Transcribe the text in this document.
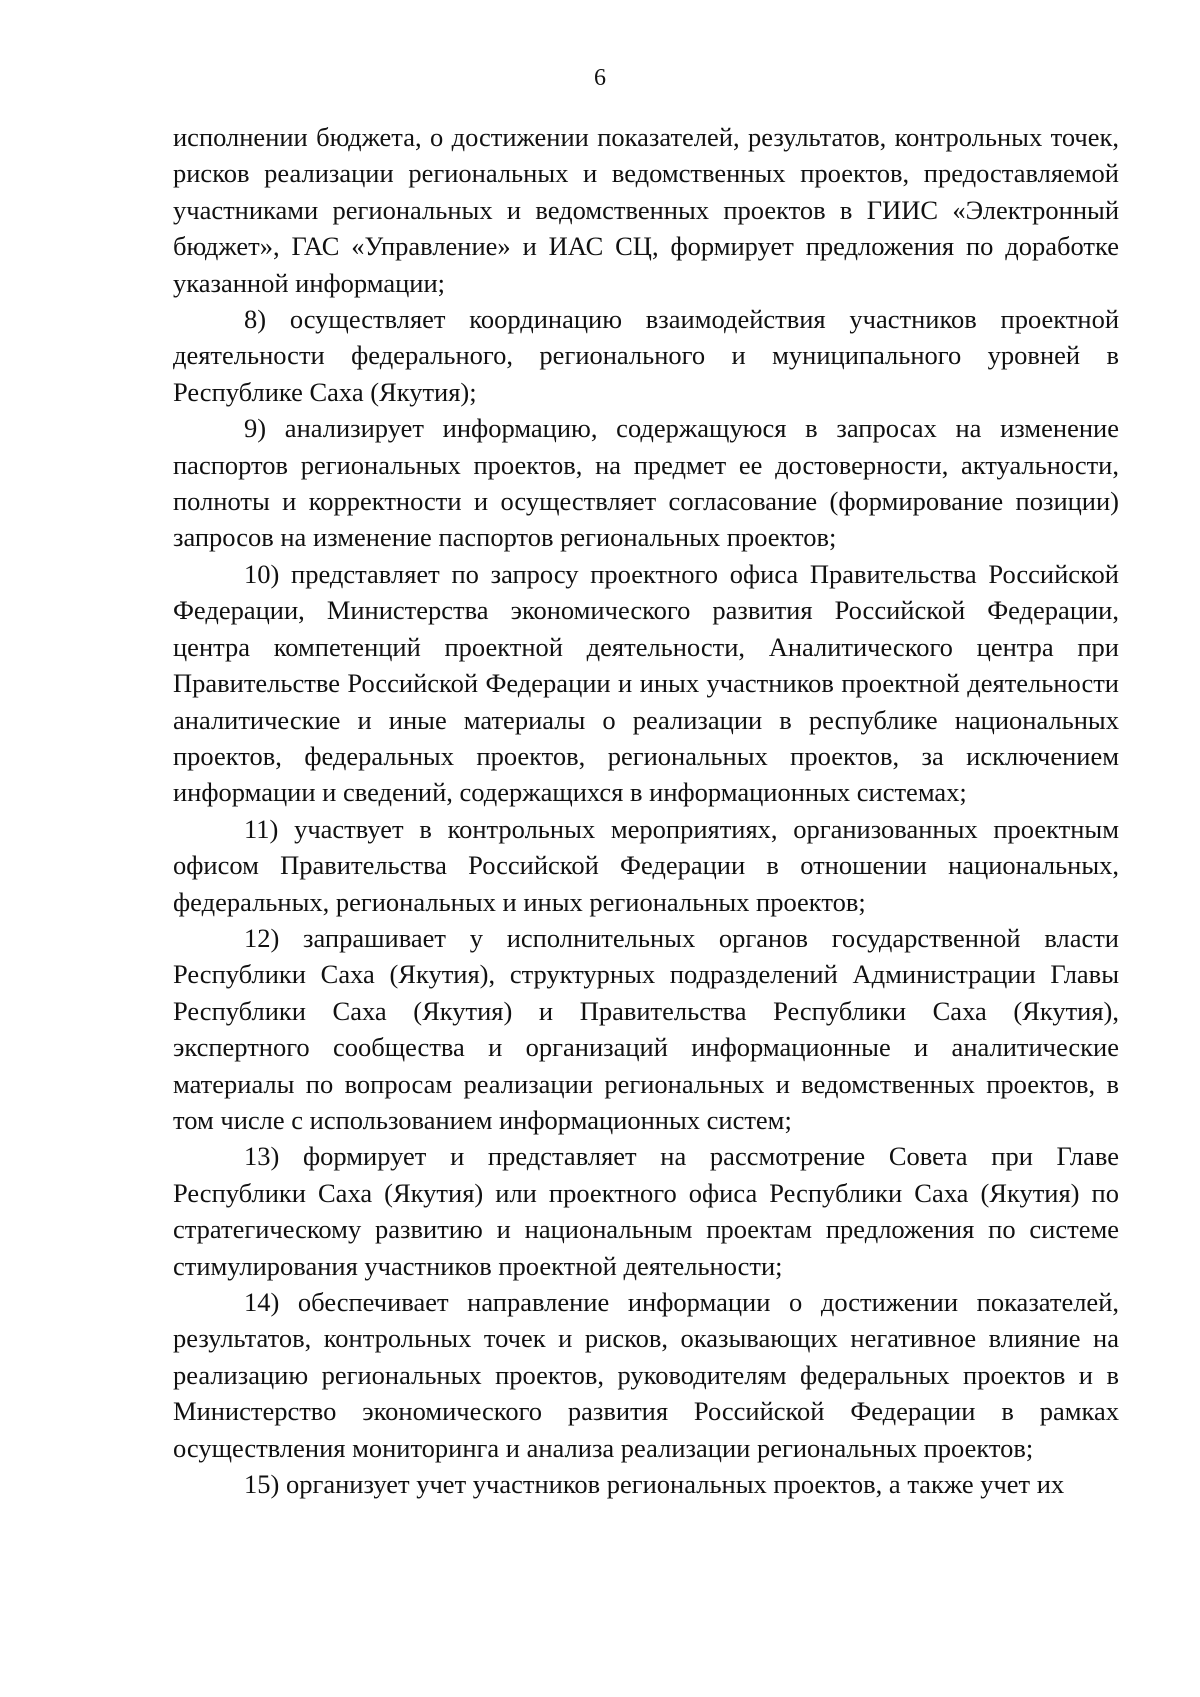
6

исполнении бюджета, о достижении показателей, результатов, контрольных точек, рисков реализации региональных и ведомственных проектов, предоставляемой участниками региональных и ведомственных проектов в ГИИС «Электронный бюджет», ГАС «Управление» и ИАС СЦ, формирует предложения по доработке указанной информации;

8) осуществляет координацию взаимодействия участников проектной деятельности федерального, регионального и муниципального уровней в Республике Саха (Якутия);

9) анализирует информацию, содержащуюся в запросах на изменение паспортов региональных проектов, на предмет ее достоверности, актуальности, полноты и корректности и осуществляет согласование (формирование позиции) запросов на изменение паспортов региональных проектов;

10) представляет по запросу проектного офиса Правительства Российской Федерации, Министерства экономического развития Российской Федерации, центра компетенций проектной деятельности, Аналитического центра при Правительстве Российской Федерации и иных участников проектной деятельности аналитические и иные материалы о реализации в республике национальных проектов, федеральных проектов, региональных проектов, за исключением информации и сведений, содержащихся в информационных системах;

11) участвует в контрольных мероприятиях, организованных проектным офисом Правительства Российской Федерации в отношении национальных, федеральных, региональных и иных региональных проектов;

12) запрашивает у исполнительных органов государственной власти Республики Саха (Якутия), структурных подразделений Администрации Главы Республики Саха (Якутия) и Правительства Республики Саха (Якутия), экспертного сообщества и организаций информационные и аналитические материалы по вопросам реализации региональных и ведомственных проектов, в том числе с использованием информационных систем;

13) формирует и представляет на рассмотрение Совета при Главе Республики Саха (Якутия) или проектного офиса Республики Саха (Якутия) по стратегическому развитию и национальным проектам предложения по системе стимулирования участников проектной деятельности;

14) обеспечивает направление информации о достижении показателей, результатов, контрольных точек и рисков, оказывающих негативное влияние на реализацию региональных проектов, руководителям федеральных проектов и в Министерство экономического развития Российской Федерации в рамках осуществления мониторинга и анализа реализации региональных проектов;

15) организует учет участников региональных проектов, а также учет их
